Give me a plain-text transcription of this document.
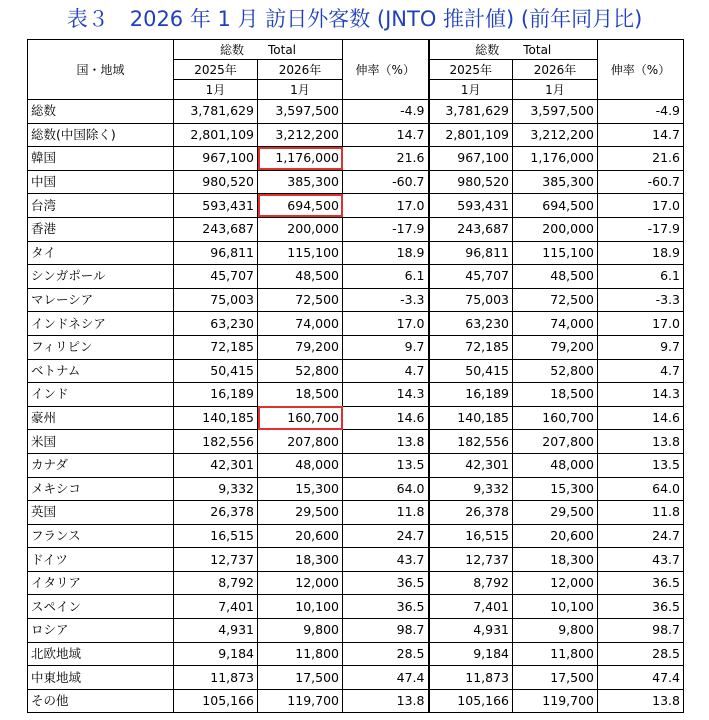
表３　2026 年 1 月 訪日外客数 (JNTO 推計値) (前年同月比)
国・地域	総数　　Total		伸率（%）	総数　　Total		伸率（%）
	2025年	2026年		2025年	2026年	
	1月	1月		1月	1月	
総数	3,781,629	3,597,500	-4.9	3,781,629	3,597,500	-4.9
総数(中国除く)	2,801,109	3,212,200	14.7	2,801,109	3,212,200	14.7
韓国	967,100	1,176,000	21.6	967,100	1,176,000	21.6
中国	980,520	385,300	-60.7	980,520	385,300	-60.7
台湾	593,431	694,500	17.0	593,431	694,500	17.0
香港	243,687	200,000	-17.9	243,687	200,000	-17.9
タイ	96,811	115,100	18.9	96,811	115,100	18.9
シンガポール	45,707	48,500	6.1	45,707	48,500	6.1
マレーシア	75,003	72,500	-3.3	75,003	72,500	-3.3
インドネシア	63,230	74,000	17.0	63,230	74,000	17.0
フィリピン	72,185	79,200	9.7	72,185	79,200	9.7
ベトナム	50,415	52,800	4.7	50,415	52,800	4.7
インド	16,189	18,500	14.3	16,189	18,500	14.3
豪州	140,185	160,700	14.6	140,185	160,700	14.6
米国	182,556	207,800	13.8	182,556	207,800	13.8
カナダ	42,301	48,000	13.5	42,301	48,000	13.5
メキシコ	9,332	15,300	64.0	9,332	15,300	64.0
英国	26,378	29,500	11.8	26,378	29,500	11.8
フランス	16,515	20,600	24.7	16,515	20,600	24.7
ドイツ	12,737	18,300	43.7	12,737	18,300	43.7
イタリア	8,792	12,000	36.5	8,792	12,000	36.5
スペイン	7,401	10,100	36.5	7,401	10,100	36.5
ロシア	4,931	9,800	98.7	4,931	9,800	98.7
北欧地域	9,184	11,800	28.5	9,184	11,800	28.5
中東地域	11,873	17,500	47.4	11,873	17,500	47.4
その他	105,166	119,700	13.8	105,166	119,700	13.8
